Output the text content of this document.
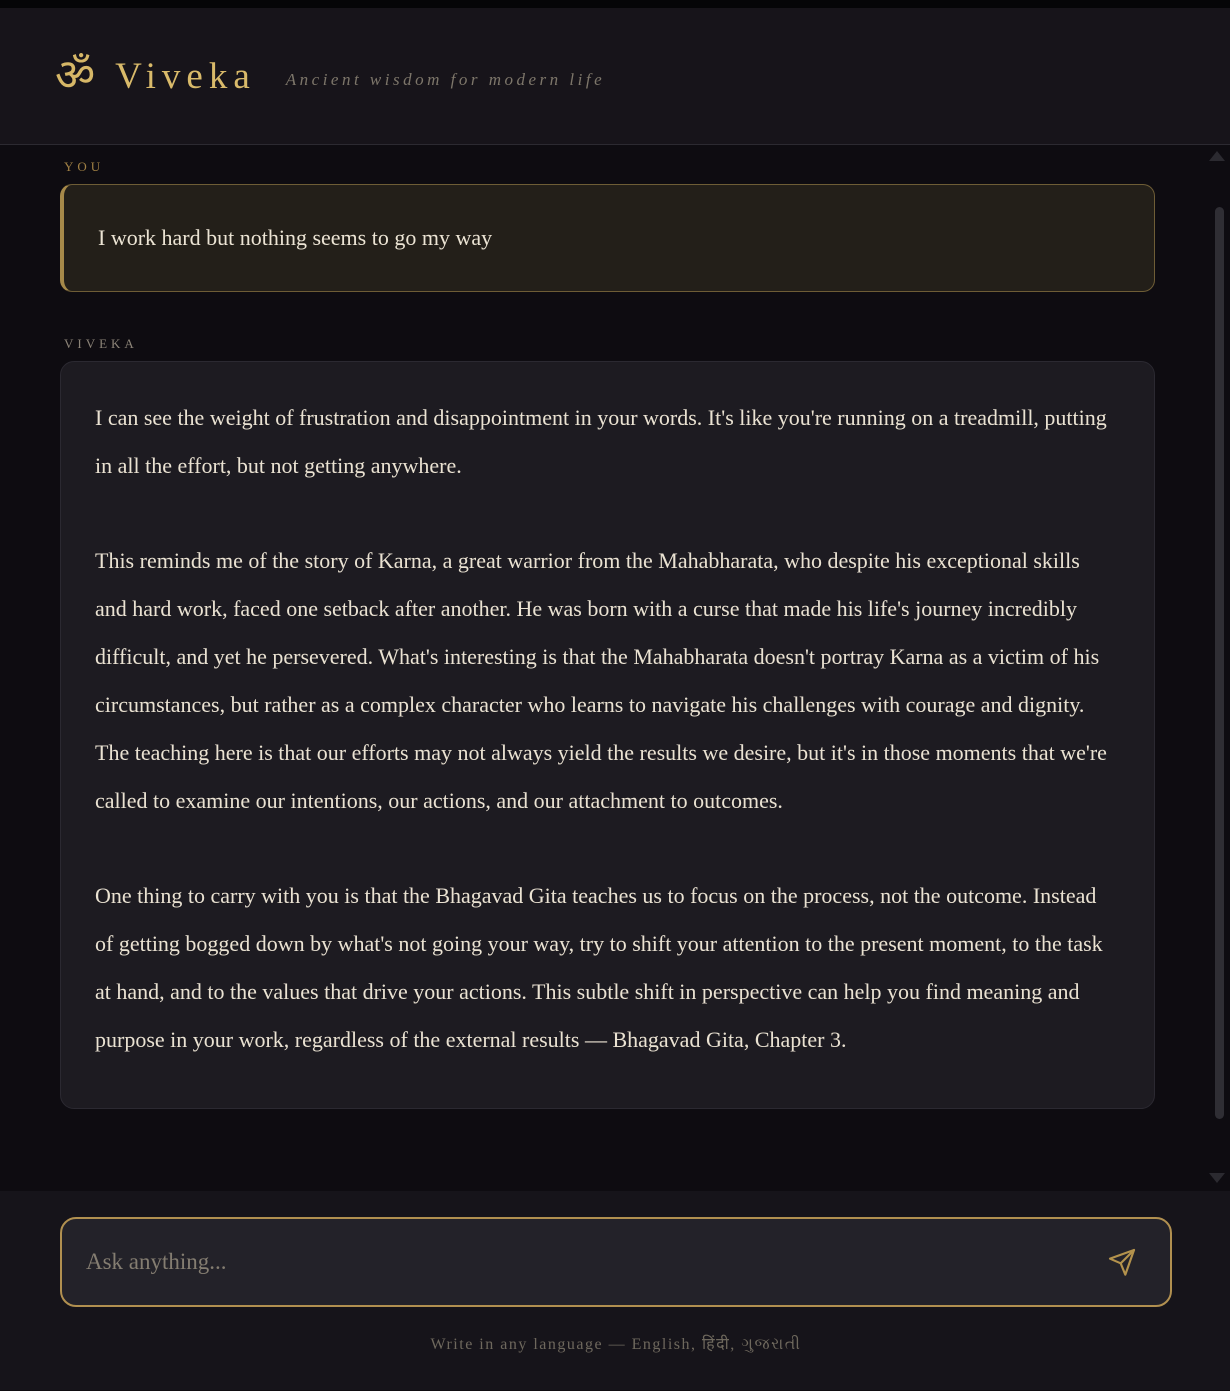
ॐ Viveka Ancient wisdom for modern life
YOU
I work hard but nothing seems to go my way
VIVEKA

I can see the weight of frustration and disappointment in your words. It's like you're running on a treadmill, putting in all the effort, but not getting anywhere.

This reminds me of the story of Karna, a great warrior from the Mahabharata, who despite his exceptional skills and hard work, faced one setback after another. He was born with a curse that made his life's journey incredibly difficult, and yet he persevered. What's interesting is that the Mahabharata doesn't portray Karna as a victim of his circumstances, but rather as a complex character who learns to navigate his challenges with courage and dignity. The teaching here is that our efforts may not always yield the results we desire, but it's in those moments that we're called to examine our intentions, our actions, and our attachment to outcomes.

One thing to carry with you is that the Bhagavad Gita teaches us to focus on the process, not the outcome. Instead of getting bogged down by what's not going your way, try to shift your attention to the present moment, to the task at hand, and to the values that drive your actions. This subtle shift in perspective can help you find meaning and purpose in your work, regardless of the external results — Bhagavad Gita, Chapter 3.

Ask anything...
Write in any language — English, हिंदी, ગુજરાતી
